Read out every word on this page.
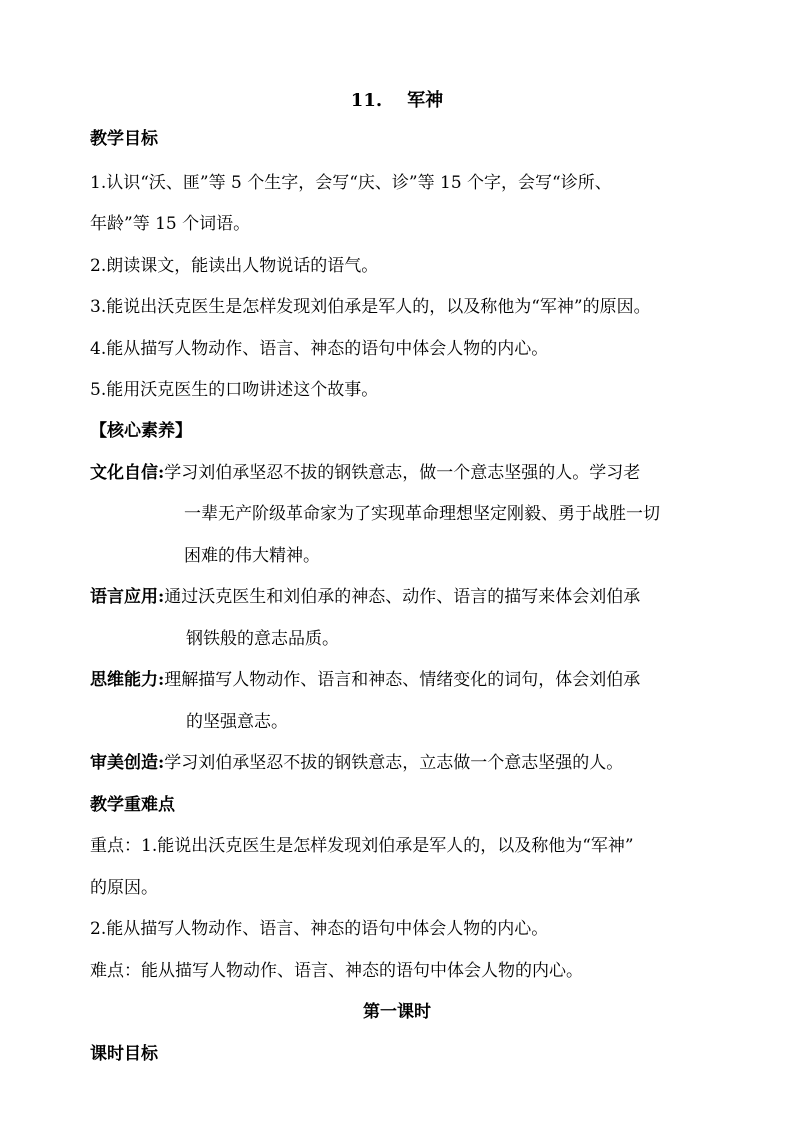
11.    军神
教学目标
1.认识“沃、匪”等 5 个生字，会写“庆、诊”等 15 个字，会写“诊所、
年龄”等 15 个词语。
2.朗读课文，能读出人物说话的语气。
3.能说出沃克医生是怎样发现刘伯承是军人的，以及称他为“军神”的原因。
4.能从描写人物动作、语言、神态的语句中体会人物的内心。
5.能用沃克医生的口吻讲述这个故事。
【核心素养】
文化自信:学习刘伯承坚忍不拔的钢铁意志，做一个意志坚强的人。学习老
一辈无产阶级革命家为了实现革命理想坚定刚毅、勇于战胜一切
困难的伟大精神。
语言应用:通过沃克医生和刘伯承的神态、动作、语言的描写来体会刘伯承
钢铁般的意志品质。
思维能力:理解描写人物动作、语言和神态、情绪变化的词句，体会刘伯承
的坚强意志。
审美创造:学习刘伯承坚忍不拔的钢铁意志，立志做一个意志坚强的人。
教学重难点
重点：1.能说出沃克医生是怎样发现刘伯承是军人的，以及称他为“军神”
的原因。
2.能从描写人物动作、语言、神态的语句中体会人物的内心。
难点：能从描写人物动作、语言、神态的语句中体会人物的内心。
第一课时
课时目标
